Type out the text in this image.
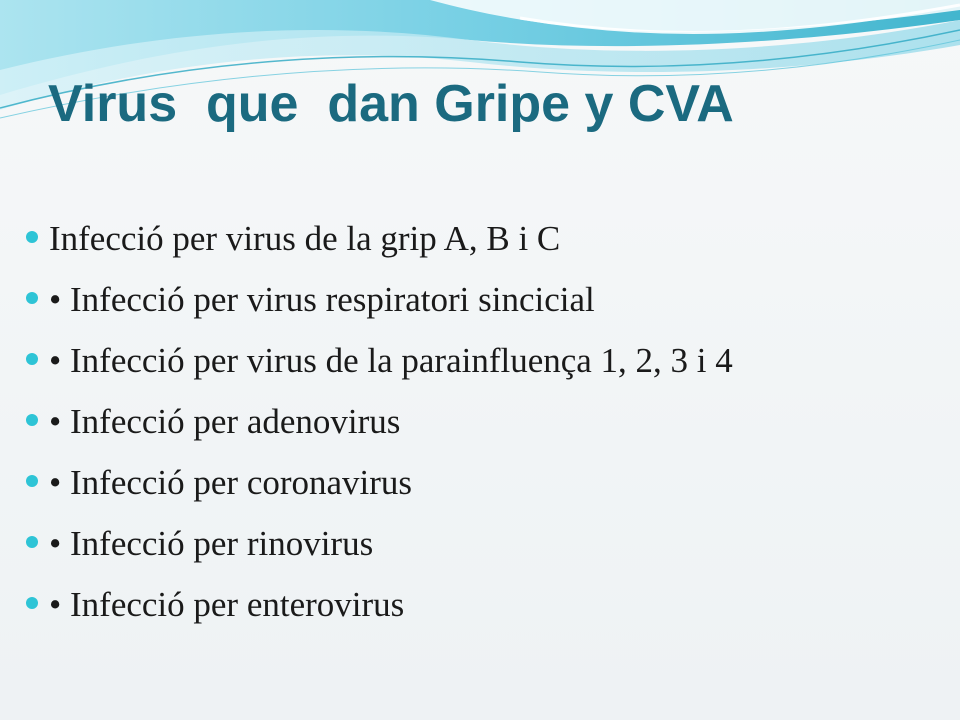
Virus  que  dan Gripe y CVA
Infecció per virus de la grip A, B i C
• Infecció per virus respiratori sincicial
• Infecció per virus de la parainfluença 1, 2, 3 i 4
• Infecció per adenovirus
• Infecció per coronavirus
• Infecció per rinovirus
• Infecció per enterovirus
